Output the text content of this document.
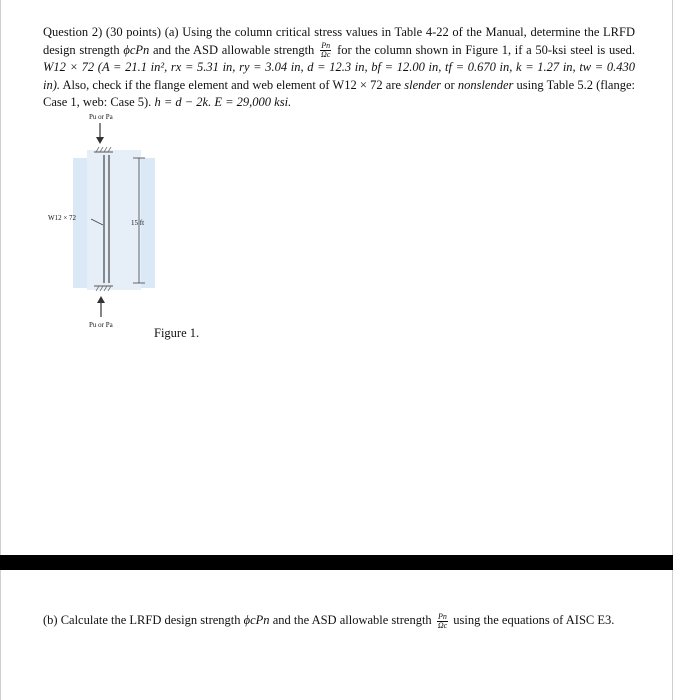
Question 2) (30 points) (a) Using the column critical stress values in Table 4-22 of the Manual, determine the LRFD design strength ϕcPn and the ASD allowable strength $\frac{Pn}{\Omega c}$ for the column shown in Figure 1, if a 50-ksi steel is used. W12 × 72 (A = 21.1 in², rx = 5.31 in, ry = 3.04 in, d = 12.3 in, bf = 12.00 in, tf = 0.670 in, k = 1.27 in, tw = 0.430 in). Also, check if the flange element and web element of W12 × 72 are slender or nonslender using Table 5.2 (flange: Case 1, web: Case 5). h = d − 2k. E = 29,000 ksi.
Pu or Pa
W12 × 72
15 ft
Pu or Pa
Figure 1.
(b) Calculate the LRFD design strength ϕcPn and the ASD allowable strength $\frac{Pn}{\Omega c}$ using the equations of AISC E3.
